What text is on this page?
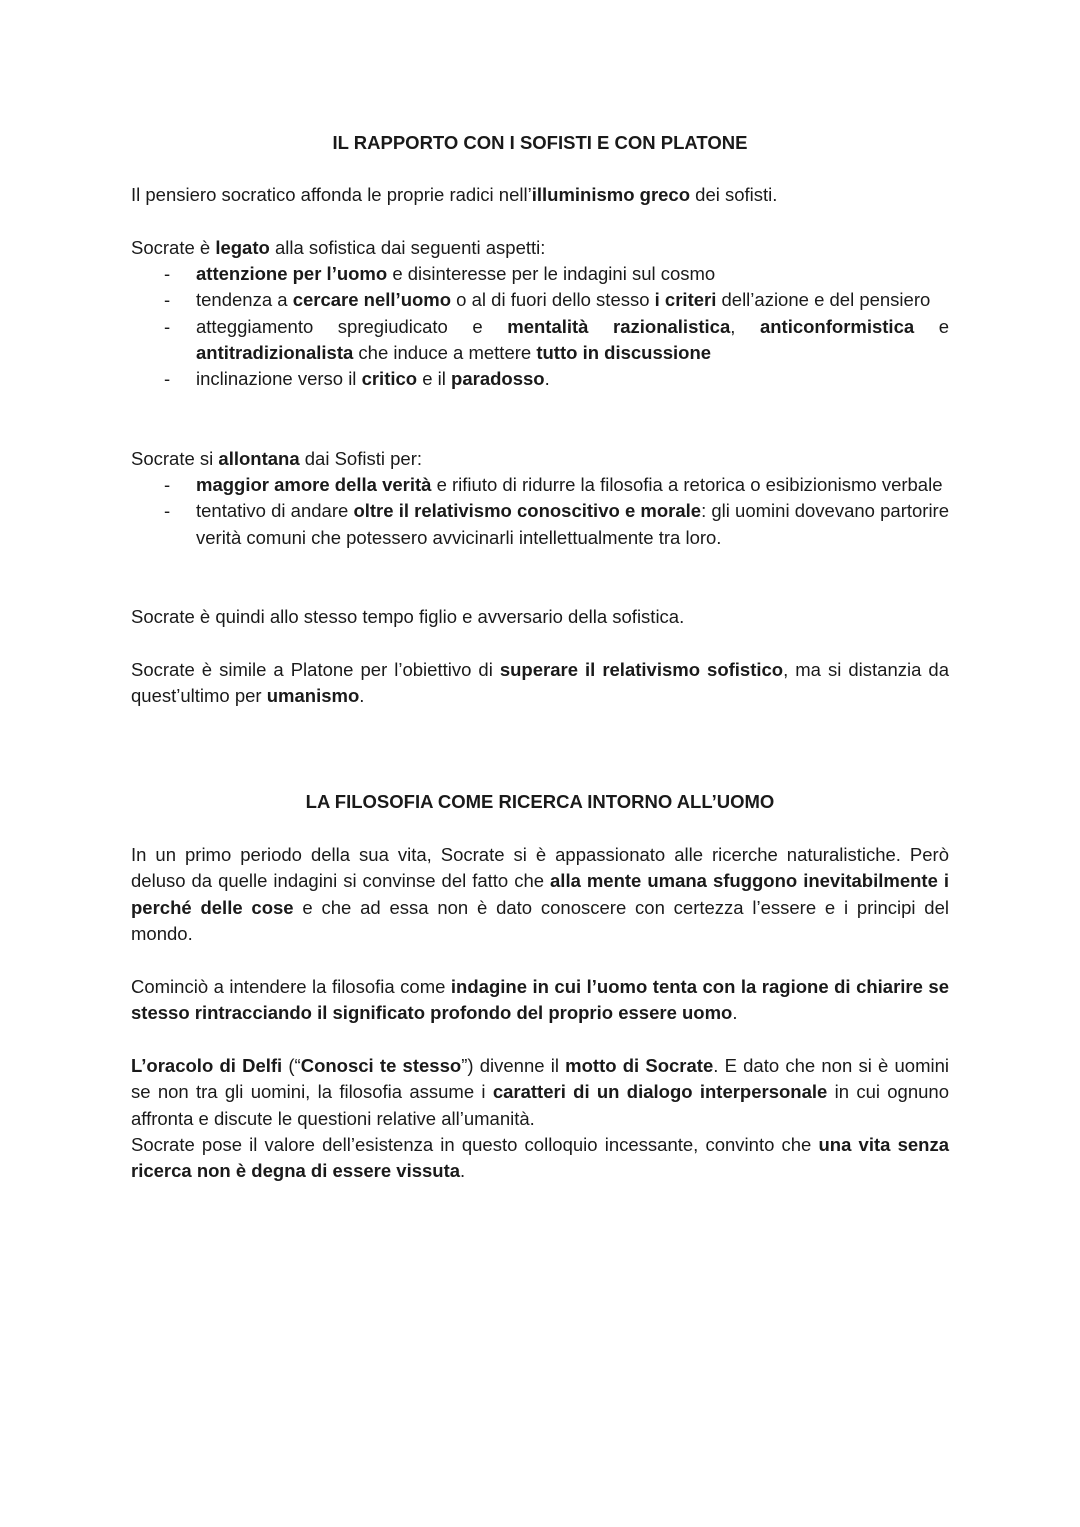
IL RAPPORTO CON I SOFISTI E CON PLATONE

Il pensiero socratico affonda le proprie radici nell’illuminismo greco dei sofisti.

Socrate è legato alla sofistica dai seguenti aspetti:

- attenzione per l’uomo e disinteresse per le indagini sul cosmo
- tendenza a cercare nell’uomo o al di fuori dello stesso i criteri dell’azione e del pensiero
- atteggiamento spregiudicato e mentalità razionalistica, anticonformistica e antitradizionalista che induce a mettere tutto in discussione
- inclinazione verso il critico e il paradosso.

Socrate si allontana dai Sofisti per:

- maggior amore della verità e rifiuto di ridurre la filosofia a retorica o esibizionismo verbale
- tentativo di andare oltre il relativismo conoscitivo e morale: gli uomini dovevano partorire verità comuni che potessero avvicinarli intellettualmente tra loro.

Socrate è quindi allo stesso tempo figlio e avversario della sofistica.

Socrate è simile a Platone per l’obiettivo di superare il relativismo sofistico, ma si distanzia da quest’ultimo per umanismo.

LA FILOSOFIA COME RICERCA INTORNO ALL’UOMO

In un primo periodo della sua vita, Socrate si è appassionato alle ricerche naturalistiche. Però deluso da quelle indagini si convinse del fatto che alla mente umana sfuggono inevitabilmente i perché delle cose e che ad essa non è dato conoscere con certezza l’essere e i principi del mondo.

Cominciò a intendere la filosofia come indagine in cui l’uomo tenta con la ragione di chiarire se stesso rintracciando il significato profondo del proprio essere uomo.

L’oracolo di Delfi (“Conosci te stesso”) divenne il motto di Socrate. E dato che non si è uomini se non tra gli uomini, la filosofia assume i caratteri di un dialogo interpersonale in cui ognuno affronta e discute le questioni relative all’umanità.

Socrate pose il valore dell’esistenza in questo colloquio incessante, convinto che una vita senza ricerca non è degna di essere vissuta.
